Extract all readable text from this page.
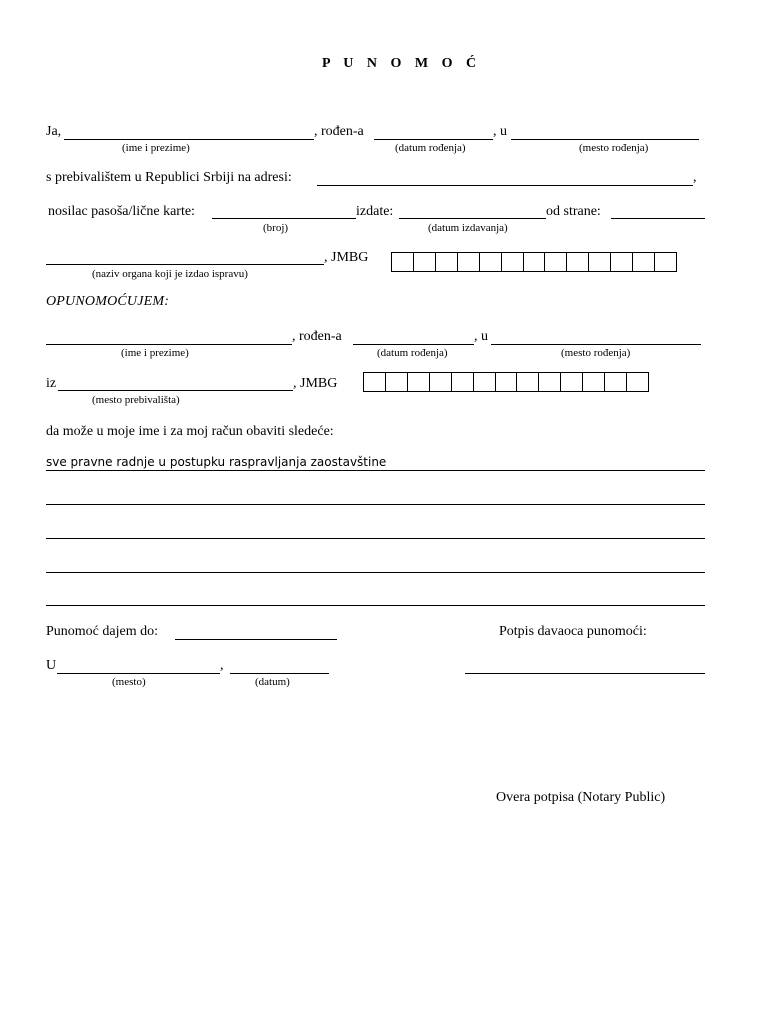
P U N O M O Ć
Ja,	, rođen-a	, u
(ime i prezime)	(datum rođenja)	(mesto rođenja)
s prebivalištem u Republici Srbiji na adresi:	,
nosilac pasoša/lične karte:	izdate:	od strane:
(broj)	(datum izdavanja)
, JMBG
(naziv organa koji je izdao ispravu)
OPUNOMOĆUJEM:
, rođen-a	, u
(ime i prezime)	(datum rođenja)	(mesto rođenja)
iz	, JMBG
(mesto prebivališta)
da može u moje ime i za moj račun obaviti sledeće:
sve pravne radnje u postupku raspravljanja zaostavštine
Punomoć dajem do:	Potpis davaoca punomoći:
U	,
(mesto)	(datum)
Overa potpisa (Notary Public)
